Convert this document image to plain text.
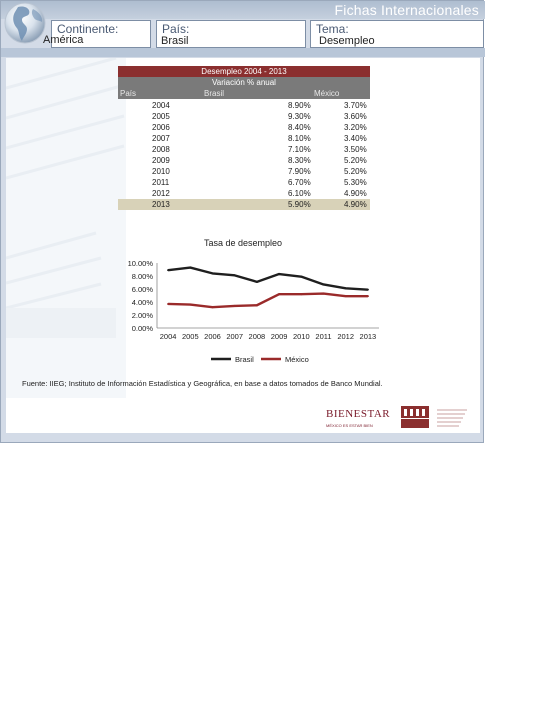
Fichas Internacionales
Continente:
América
País:
Brasil
Tema:
Desempleo
Desempleo 2004 - 2013
Variación % anual
País	Brasil	México
2004	8.90%	3.70%
2005	9.30%	3.60%
2006	8.40%	3.20%
2007	8.10%	3.40%
2008	7.10%	3.50%
2009	8.30%	5.20%
2010	7.90%	5.20%
2011	6.70%	5.30%
2012	6.10%	4.90%
2013	5.90%	4.90%
Tasa de desempleo
0.00%
2.00%
4.00%
6.00%
8.00%
10.00%
2004 2005 2006 2007 2008 2009 2010 2011 2012 2013
Brasil	México
Fuente: IIEG; Instituto de Información Estadística y Geográfica, en base a datos tomados de Banco Mundial.
BIENESTAR
MÉXICO ES ESTAR BIEN
